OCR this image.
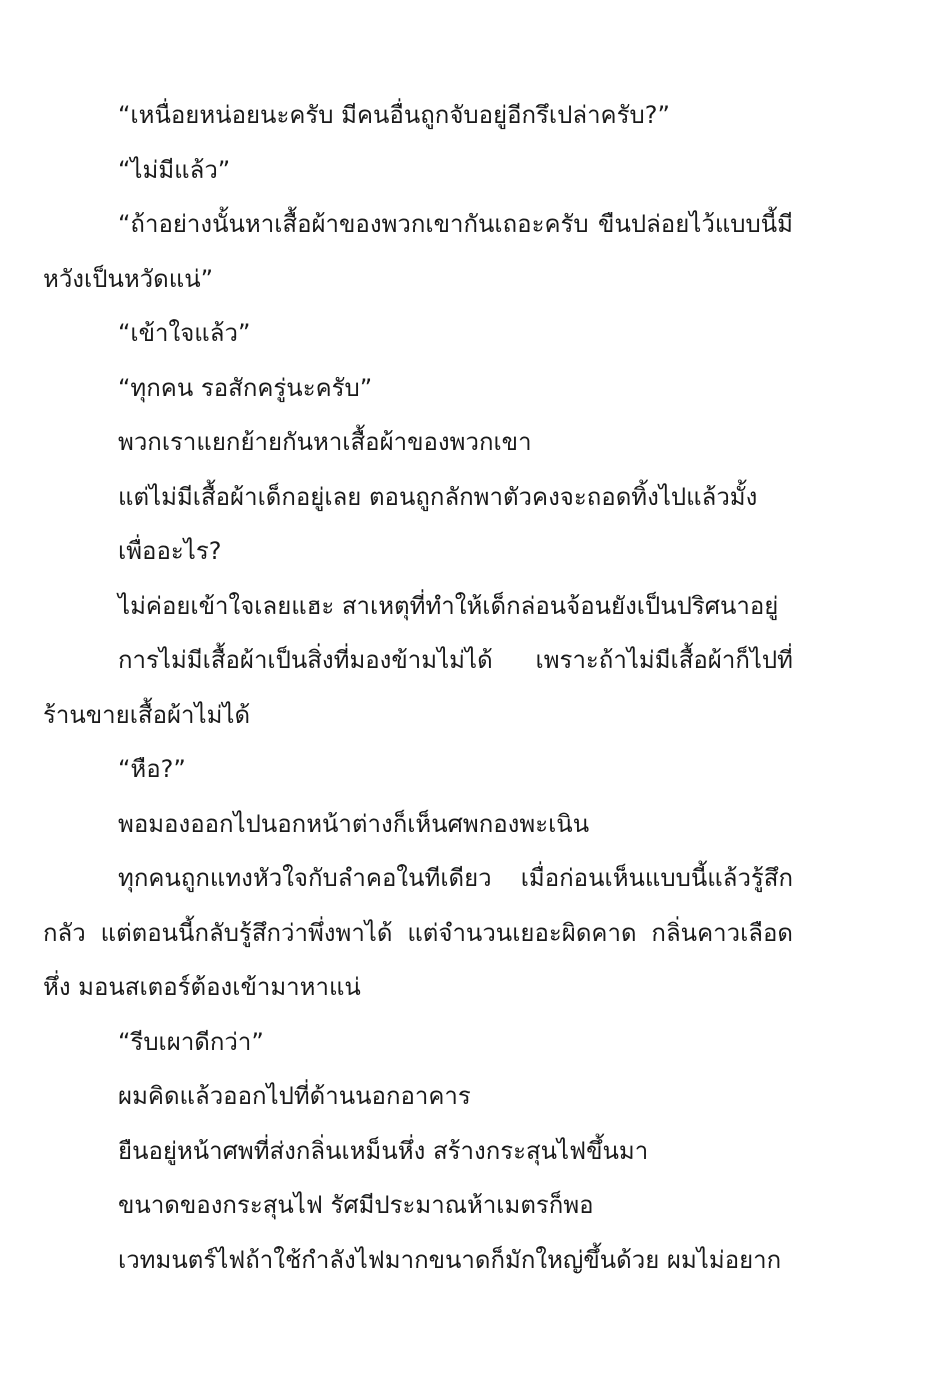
“เหนื่อยหน่อยนะครับ มีคนอื่นถูกจับอยู่อีกรึเปล่าครับ?”

“ไม่มีแล้ว”

“ถ้าอย่างนั้นหาเสื้อผ้าของพวกเขากันเถอะครับ ขืนปล่อยไว้แบบนี้มีหวังเป็นหวัดแน่”

“เข้าใจแล้ว”

“ทุกคน รอสักครู่นะครับ”

พวกเราแยกย้ายกันหาเสื้อผ้าของพวกเขา

แต่ไม่มีเสื้อผ้าเด็กอยู่เลย ตอนถูกลักพาตัวคงจะถอดทิ้งไปแล้วมั้ง

เพื่ออะไร?

ไม่ค่อยเข้าใจเลยแฮะ สาเหตุที่ทำให้เด็กล่อนจ้อนยังเป็นปริศนาอยู่

การไม่มีเสื้อผ้าเป็นสิ่งที่มองข้ามไม่ได้ เพราะถ้าไม่มีเสื้อผ้าก็ไปที่ร้านขายเสื้อผ้าไม่ได้

“หือ?”

พอมองออกไปนอกหน้าต่างก็เห็นศพกองพะเนิน

ทุกคนถูกแทงหัวใจกับลำคอในทีเดียว เมื่อก่อนเห็นแบบนี้แล้วรู้สึกกลัว แต่ตอนนี้กลับรู้สึกว่าพึ่งพาได้ แต่จำนวนเยอะผิดคาด กลิ่นคาวเลือดหึ่ง มอนสเตอร์ต้องเข้ามาหาแน่

“รีบเผาดีกว่า”

ผมคิดแล้วออกไปที่ด้านนอกอาคาร

ยืนอยู่หน้าศพที่ส่งกลิ่นเหม็นหึ่ง สร้างกระสุนไฟขึ้นมา

ขนาดของกระสุนไฟ รัศมีประมาณห้าเมตรก็พอ

เวทมนตร์ไฟถ้าใช้กำลังไฟมากขนาดก็มักใหญ่ขึ้นด้วย ผมไม่อยาก
